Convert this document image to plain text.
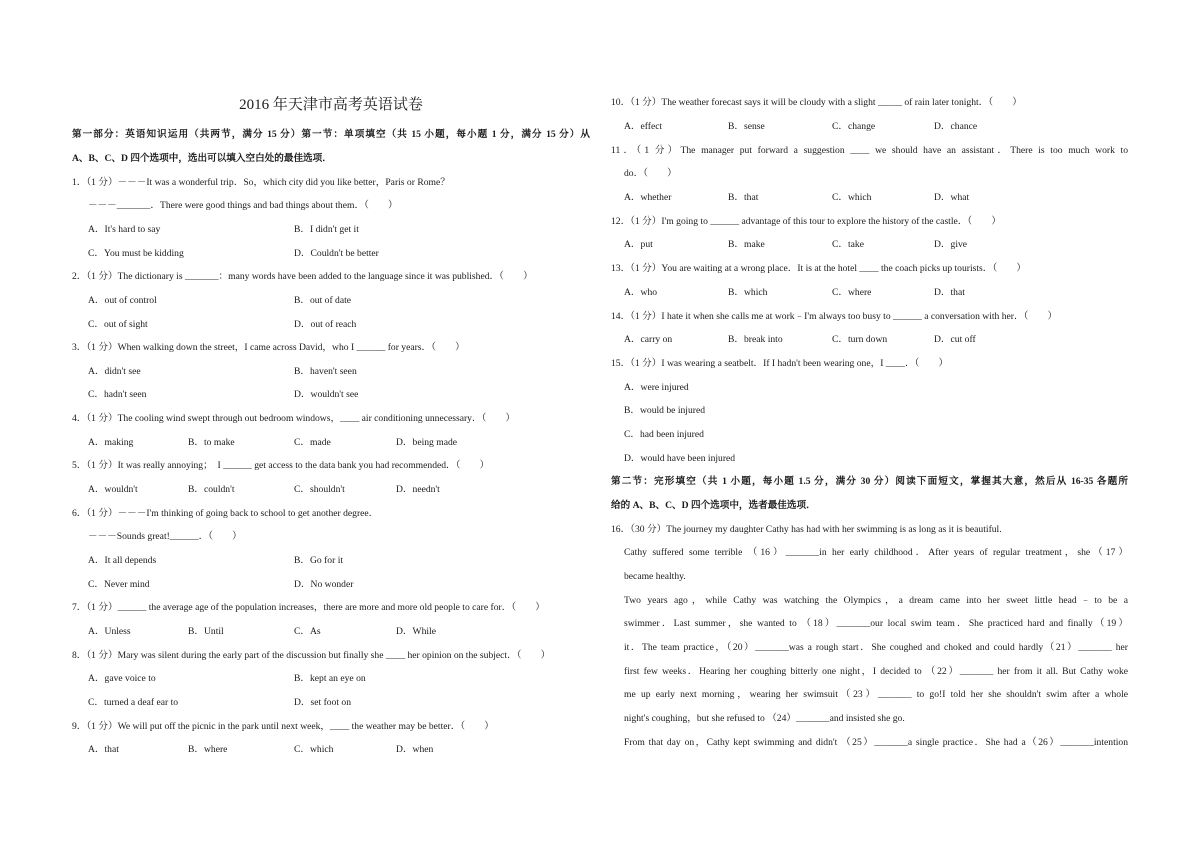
2016 年天津市高考英语试卷
第一部分：英语知识运用（共两节，满分 15 分）第一节：单项填空（共 15 小题，每小题 1 分，满分 15 分）从
A、B、C、D 四个选项中，选出可以填入空白处的最佳选项．
1．（1 分）－－－It was a wonderful trip．So，which city did you like better，Paris or Rome？
－－－_______．There were good things and bad things about them．（　　）
A．It's hard to say	B．I didn't get it
C．You must be kidding	D．Couldn't be better
2．（1 分）The dictionary is _______：many words have been added to the language since it was published．（　　）
A．out of control	B．out of date
C．out of sight	D．out of reach
3．（1 分）When walking down the street，I came across David，who I ______ for years．（　　）
A．didn't see	B．haven't seen
C．hadn't seen	D．wouldn't see
4．（1 分）The cooling wind swept through out bedroom windows，____ air conditioning unnecessary．（　　）
A．making	B．to make	C．made	D．being made
5．（1 分）It was really annoying；　I ______ get access to the data bank you had recommended．（　　）
A．wouldn't	B．couldn't	C．shouldn't	D．needn't
6．（1 分）－－－I'm thinking of going back to school to get another degree．
－－－Sounds great!______．（　　）
A．It all depends	B．Go for it
C．Never mind	D．No wonder
7．（1 分）______ the average age of the population increases，there are more and more old people to care for．（　　）
A．Unless	B．Until	C．As	D．While
8．（1 分）Mary was silent during the early part of the discussion but finally she ____ her opinion on the subject．（　　）
A．gave voice to	B．kept an eye on
C．turned a deaf ear to	D．set foot on
9．（1 分）We will put off the picnic in the park until next week，____ the weather may be better．（　　）
A．that	B．where	C．which	D．when
10．（1 分）The weather forecast says it will be cloudy with a slight _____ of rain later tonight．（　　）
A．effect	B．sense	C．change	D．chance
11．（1 分）The manager put forward a suggestion ____ we should have an assistant．There is too much work to
do．（　　）
A．whether	B．that	C．which	D．what
12．（1 分）I'm going to ______ advantage of this tour to explore the history of the castle．（　　）
A．put	B．make	C．take	D．give
13．（1 分）You are waiting at a wrong place．It is at the hotel ____ the coach picks up tourists．（　　）
A．who	B．which	C．where	D．that
14．（1 分）I hate it when she calls me at work﹣I'm always too busy to ______ a conversation with her．（　　）
A．carry on	B．break into	C．turn down	D．cut off
15．（1 分）I was wearing a seatbelt．If I hadn't been wearing one，I ____．（　　）
A．were injured
B．would be injured
C．had been injured
D．would have been injured
第二节：完形填空（共 1 小题，每小题 1.5 分，满分 30 分）阅读下面短文，掌握其大意，然后从 16-35 各题所
给的 A、B、C、D 四个选项中，选者最佳选项．
16．（30 分）The journey my daughter Cathy has had with her swimming is as long as it is beautiful.
Cathy suffered some terrible （16）_______in her early childhood．After years of regular treatment，she（17）
became healthy.
Two years ago，while Cathy was watching the Olympics，a dream came into her sweet little head﹣to be a
swimmer．Last summer，she wanted to （18）_______our local swim team．She practiced hard and finally（19）
it．The team practice，（20）_______was a rough start．She coughed and choked and could hardly（21）_______ her
first few weeks．Hearing her coughing bitterly one night，I decided to （22）_______ her from it all. But Cathy woke
me up early next morning，wearing her swimsuit（23）_______ to go!I told her she shouldn't swim after a whole
night's coughing，but she refused to （24）_______and insisted she go.
From that day on，Cathy kept swimming and didn't （25）_______a single practice．She had a（26）_______intention
